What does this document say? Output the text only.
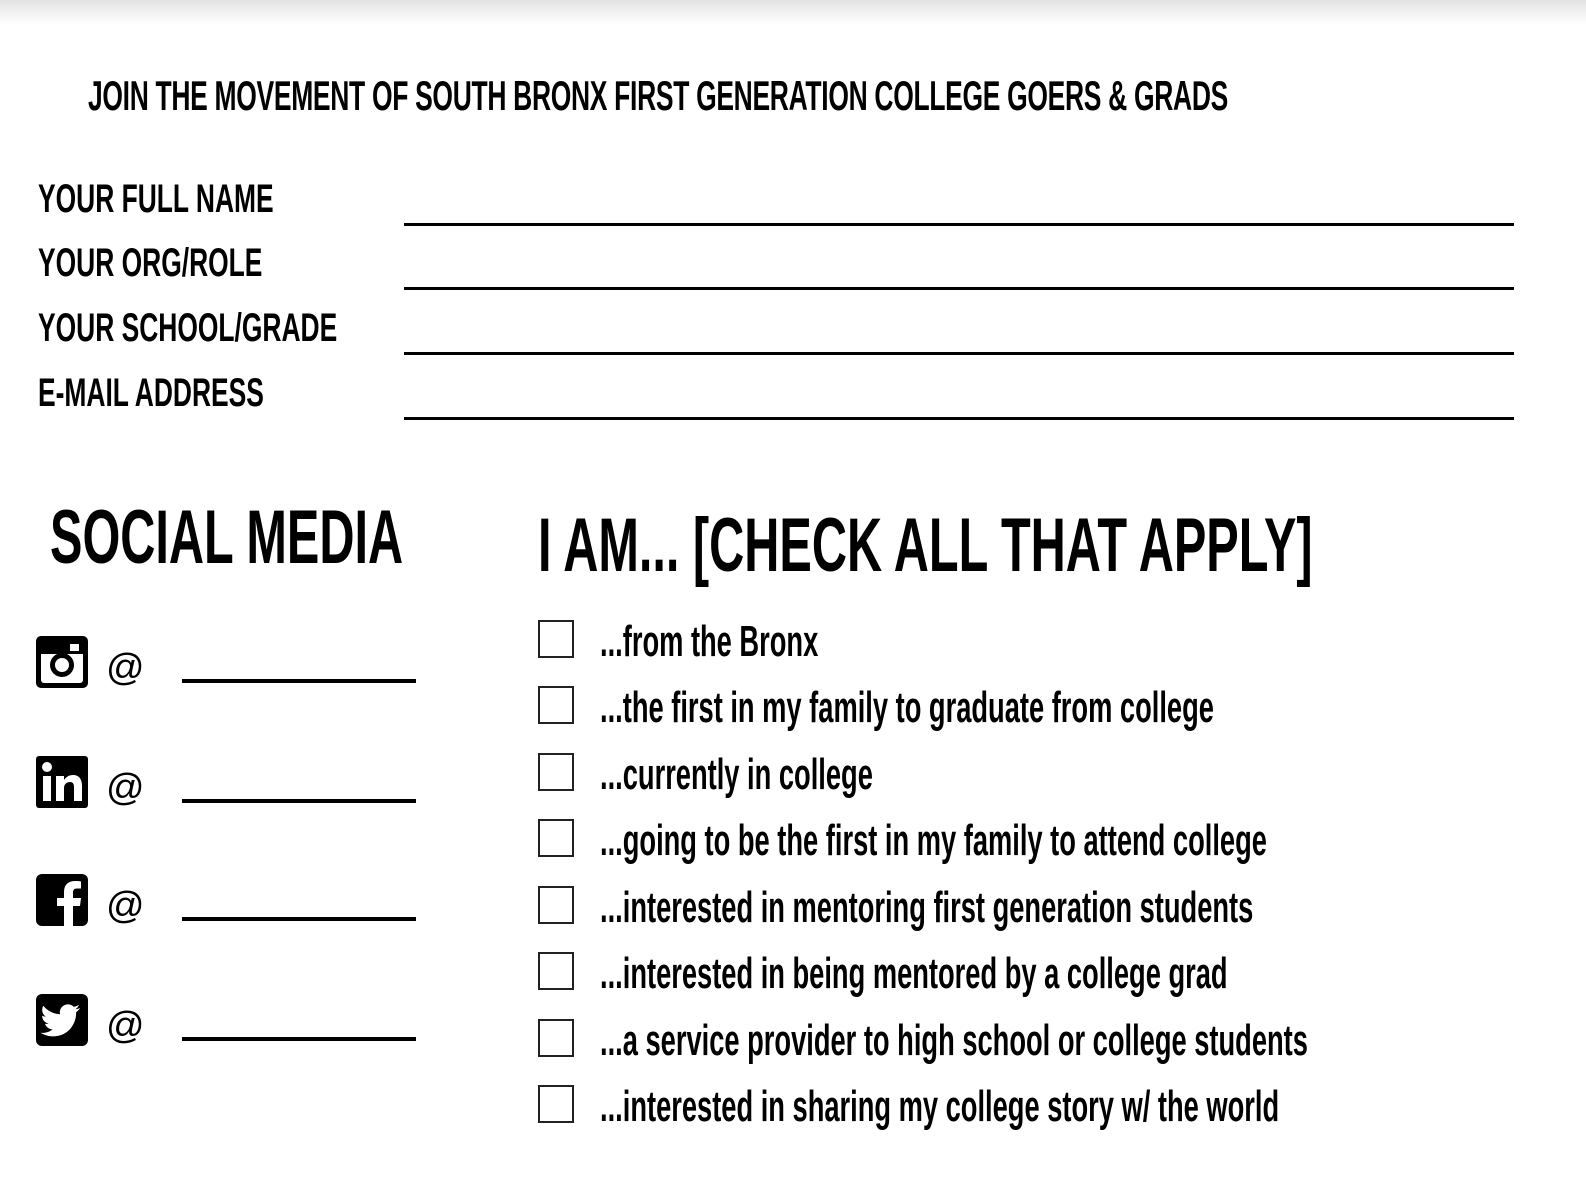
JOIN THE MOVEMENT OF SOUTH BRONX FIRST GENERATION COLLEGE GOERS & GRADS
YOUR FULL NAME
YOUR ORG/ROLE
YOUR SCHOOL/GRADE
E-MAIL ADDRESS
SOCIAL MEDIA
@
@
@
@
I AM... [CHECK ALL THAT APPLY]
...from the Bronx
...the first in my family to graduate from college
...currently in college
...going to be the first in my family to attend college
...interested in mentoring first generation students
...interested in being mentored by a college grad
...a service provider to high school or college students
...interested in sharing my college story w/ the world
